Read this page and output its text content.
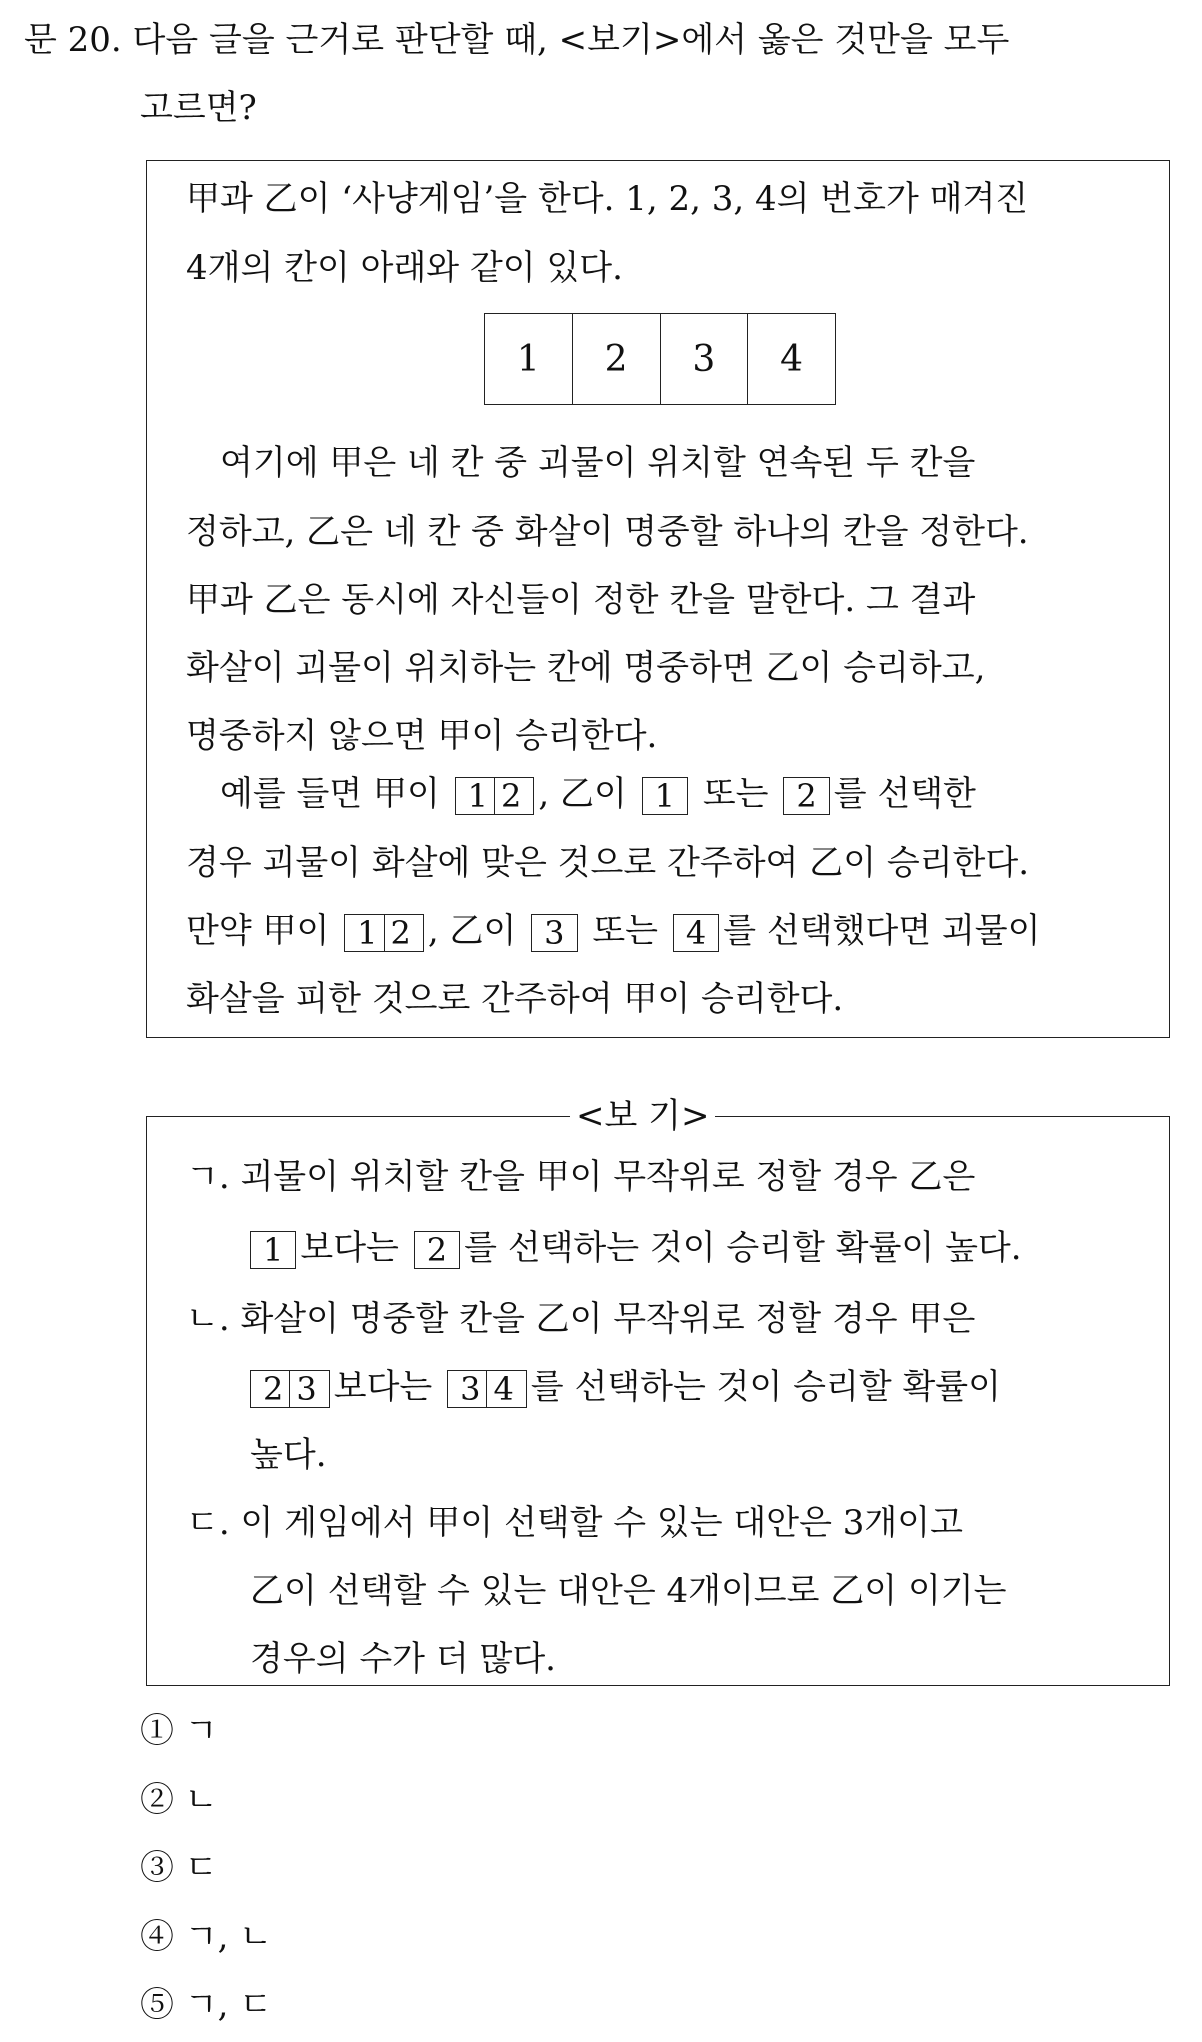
문 20. 다음 글을 근거로 판단할 때, <보기>에서 옳은 것만을 모두
고르면?
甲과 乙이 ‘사냥게임’을 한다. 1, 2, 3, 4의 번호가 매겨진
4개의 칸이 아래와 같이 있다.
1	2	3	4
여기에 甲은 네 칸 중 괴물이 위치할 연속된 두 칸을
정하고, 乙은 네 칸 중 화살이 명중할 하나의 칸을 정한다.
甲과 乙은 동시에 자신들이 정한 칸을 말한다. 그 결과
화살이 괴물이 위치하는 칸에 명중하면 乙이 승리하고,
명중하지 않으면 甲이 승리한다.
예를 들면 甲이 1 2 , 乙이 1 또는 2 를 선택한
경우 괴물이 화살에 맞은 것으로 간주하여 乙이 승리한다.
만약 甲이 1 2 , 乙이 3 또는 4 를 선택했다면 괴물이
화살을 피한 것으로 간주하여 甲이 승리한다.
<보 기>
ㄱ. 괴물이 위치할 칸을 甲이 무작위로 정할 경우 乙은
1 보다는 2 를 선택하는 것이 승리할 확률이 높다.
ㄴ. 화살이 명중할 칸을 乙이 무작위로 정할 경우 甲은
2 3 보다는 3 4 를 선택하는 것이 승리할 확률이
높다.
ㄷ. 이 게임에서 甲이 선택할 수 있는 대안은 3개이고
乙이 선택할 수 있는 대안은 4개이므로 乙이 이기는
경우의 수가 더 많다.
① ㄱ
② ㄴ
③ ㄷ
④ ㄱ, ㄴ
⑤ ㄱ, ㄷ
